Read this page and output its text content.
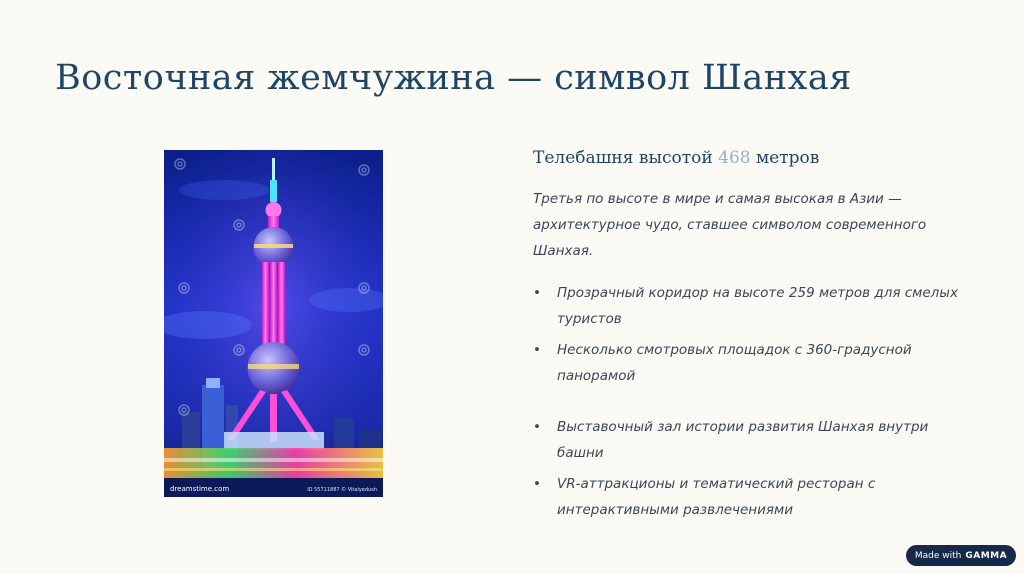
Восточная жемчужина — символ Шанхая
dreamstime.com	ID 55711887 © Vitalyedush
Телебашня высотой 468 метров

Третья по высоте в мире и самая высокая в Азии — архитектурное чудо, ставшее символом современного Шанхая.

• Прозрачный коридор на высоте 259 метров для смелых туристов
• Несколько смотровых площадок с 360-градусной панорамой
• Выставочный зал истории развития Шанхая внутри башни
• VR-аттракционы и тематический ресторан с интерактивными развлечениями
Made with GAMMA
